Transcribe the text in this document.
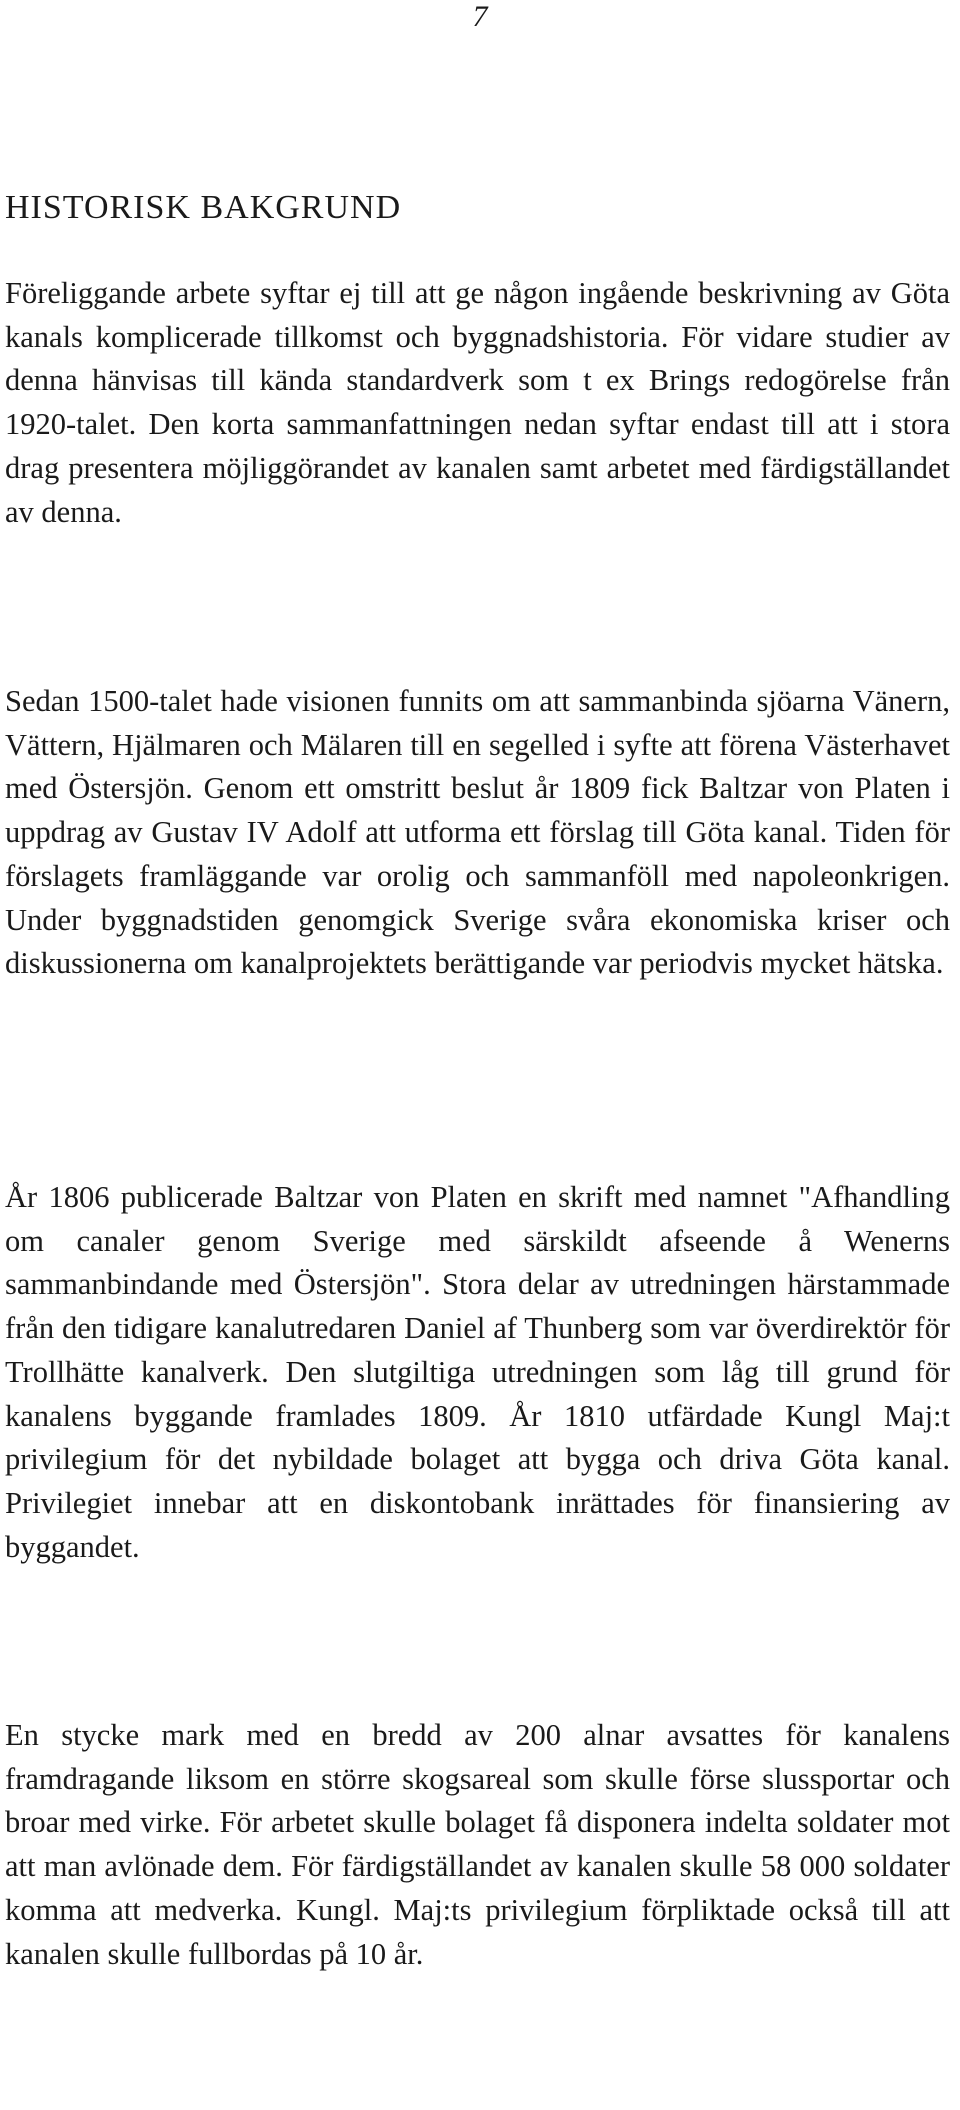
7
HISTORISK BAKGRUND

Föreliggande arbete syftar ej till att ge någon ingående beskrivning av Göta kanals komplicerade tillkomst och byggnadshistoria. För vidare studier av denna hänvisas till kända standardverk som t ex Brings redogörelse från 1920-talet. Den korta sammanfattningen nedan syftar endast till att i stora drag presentera möjliggörandet av kanalen samt arbetet med färdigställandet av denna.

Sedan 1500-talet hade visionen funnits om att sammanbinda sjöarna Vänern, Vättern, Hjälmaren och Mälaren till en segelled i syfte att förena Västerhavet med Östersjön. Genom ett omstritt beslut år 1809 fick Baltzar von Platen i uppdrag av Gustav IV Adolf att utforma ett förslag till Göta kanal. Tiden för förslagets framläggande var orolig och sammanföll med napoleonkrigen. Under byggnadstiden genomgick Sverige svåra ekonomiska kriser och diskussionerna om kanalprojektets berättigande var periodvis mycket hätska.

År 1806 publicerade Baltzar von Platen en skrift med namnet "Afhandling om canaler genom Sverige med särskildt afseende å Wenerns sammanbindande med Östersjön". Stora delar av utredningen härstammade från den tidigare kanalutredaren Daniel af Thunberg som var överdirektör för Trollhätte kanalverk. Den slutgiltiga utredningen som låg till grund för kanalens byggande framlades 1809. År 1810 utfärdade Kungl Maj:t privilegium för det nybildade bolaget att bygga och driva Göta kanal. Privilegiet innebar att en diskontobank inrättades för finansiering av byggandet.

En stycke mark med en bredd av 200 alnar avsattes för kanalens framdragande liksom en större skogsareal som skulle förse slussportar och broar med virke. För arbetet skulle bolaget få disponera indelta soldater mot att man avlönade dem. För färdigställandet av kanalen skulle 58 000 soldater komma att medverka. Kungl. Maj:ts privilegium förpliktade också till att kanalen skulle fullbordas på 10 år.
